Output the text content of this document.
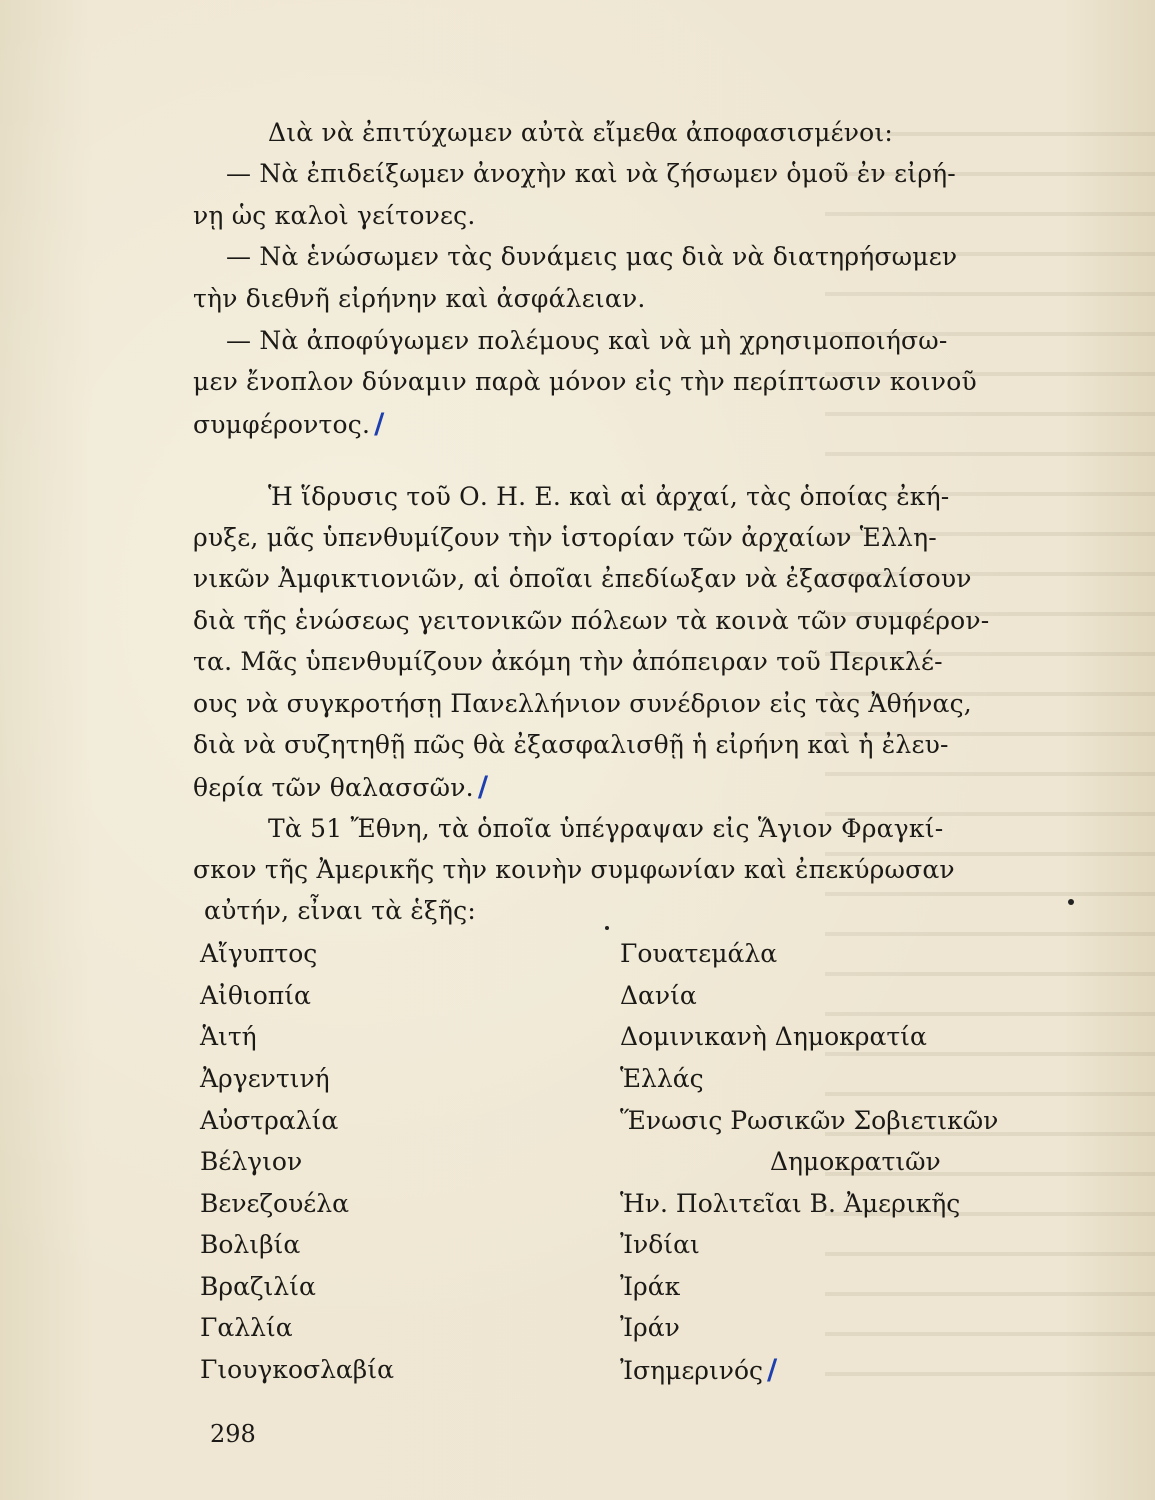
Διὰ νὰ ἐπιτύχωμεν αὐτὰ εἴμεθα ἀποφασισμένοι:
— Νὰ ἐπιδείξωμεν ἀνοχὴν καὶ νὰ ζήσωμεν ὁμοῦ ἐν εἰρή-
νῃ ὡς καλοὶ γείτονες.
— Νὰ ἑνώσωμεν τὰς δυνάμεις μας διὰ νὰ διατηρήσωμεν
τὴν διεθνῆ εἰρήνην καὶ ἀσφάλειαν.
— Νὰ ἀποφύγωμεν πολέμους καὶ νὰ μὴ χρησιμοποιήσω-
μεν ἔνοπλον δύναμιν παρὰ μόνον εἰς τὴν περίπτωσιν κοινοῦ
συμφέροντος. /
Ἡ ἵδρυσις τοῦ Ο. Η. Ε. καὶ αἱ ἀρχαί, τὰς ὁποίας ἐκή-
ρυξε, μᾶς ὑπενθυμίζουν τὴν ἱστορίαν τῶν ἀρχαίων Ἑλλη-
νικῶν Ἀμφικτιονιῶν, αἱ ὁποῖαι ἐπεδίωξαν νὰ ἐξασφαλίσουν
διὰ τῆς ἑνώσεως γειτονικῶν πόλεων τὰ κοινὰ τῶν συμφέρον-
τα. Μᾶς ὑπενθυμίζουν ἀκόμη τὴν ἀπόπειραν τοῦ Περικλέ-
ους νὰ συγκροτήσῃ Πανελλήνιον συνέδριον εἰς τὰς Ἀθήνας,
διὰ νὰ συζητηθῇ πῶς θὰ ἐξασφαλισθῇ ἡ εἰρήνη καὶ ἡ ἐλευ-
θερία τῶν θαλασσῶν. /
Τὰ 51 Ἔθνη, τὰ ὁποῖα ὑπέγραψαν εἰς Ἅγιον Φραγκί-
σκον τῆς Ἀμερικῆς τὴν κοινὴν συμφωνίαν καὶ ἐπεκύρωσαν
αὐτήν, εἶναι τὰ ἑξῆς:
Αἴγυπτος
Αἰθιοπία
Ἁιτή
Ἀργεντινή
Αὐστραλία
Βέλγιον
Βενεζουέλα
Βολιβία
Βραζιλία
Γαλλία
Γιουγκοσλαβία
Γουατεμάλα
Δανία
Δομινικανὴ Δημοκρατία
Ἑλλάς
Ἕνωσις Ρωσικῶν Σοβιετικῶν
Δημοκρατιῶν
Ἡν. Πολιτεῖαι Β. Ἀμερικῆς
Ἰνδίαι
Ἰράκ
Ἰράν
Ἰσημερινός /
298
